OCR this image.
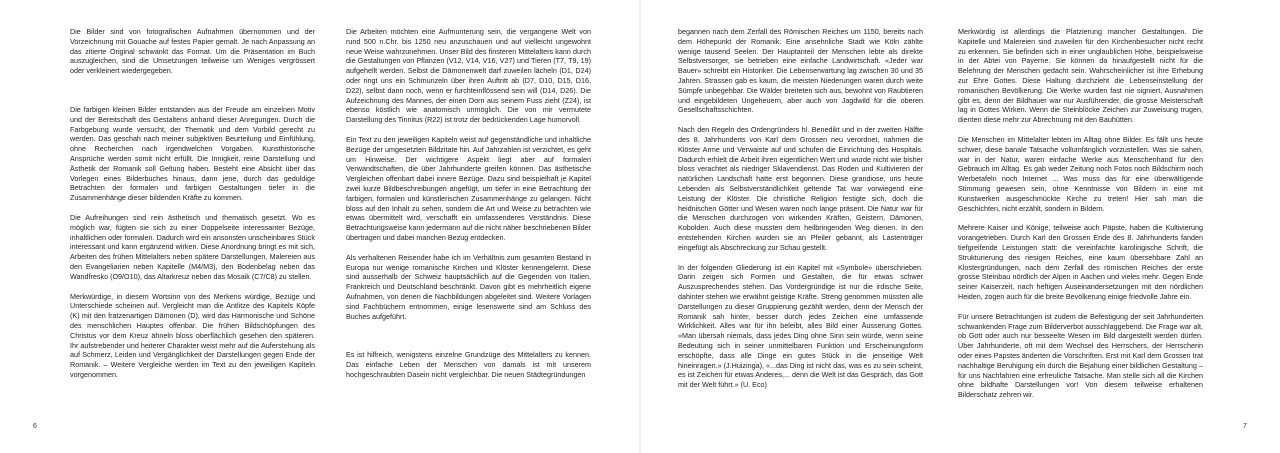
Die Bilder sind von fotografischen Aufnahmen übernommen und der Vorzeichnung mit Gouache auf festes Papier gemalt. Je nach Anpassung an das zitierte Original schwankt das Format. Um die Präsentation im Buch auszugleichen, sind die Umsetzungen teilweise um Weniges vergrössert oder verkleinert wiedergegeben.

Die farbigen kleinen Bilder entstanden aus der Freude am einzelnen Motiv und der Bereitschaft des Gestaltens anhand dieser Anregungen. Durch die Farbgebung wurde versucht, der Thematik und dem Vorbild gerecht zu werden. Das geschah nach meiner subjektiven Beurteilung und Einfühlung, ohne Recherchen nach irgendwelchen Vorgaben. Kunsthistorische Ansprüche werden somit nicht erfüllt. Die Innigkeit, reine Darstellung und Ästhetik der Romanik soll Geltung haben. Besteht eine Absicht über das Vorlegen eines Bilderbuches hinaus, dann jene, durch das geduldige Betrachten der formalen und farbigen Gestaltungen tiefer in die Zusammenhänge dieser bildenden Kräfte zu kommen.

Die Aufreihungen sind rein ästhetisch und thematisch gesetzt. Wo es möglich war, fügten sie sich zu einer Doppelseite interessanter Bezüge, inhaltlichen oder formalen. Dadurch wird ein ansonsten unscheinbares Stück interessant und kann ergänzend wirken. Diese Anordnung bringt es mit sich, Arbeiten des frühen Mittelalters neben spätere Darstellungen, Malereien aus den Evangeliarien neben Kapitelle (M4/M3), den Bodenbelag neben das Wandfresko (O9/O10), das Altarkreuz neben das Mosaik (C7/C8) zu stellen.

Merkwürdige, in diesem Wortsinn von des Merkens würdige, Bezüge und Unterschiede scheinen auf. Vergleicht man die Antlitze des Kapitels Köpfe (K) mit den fratzenartigen Dämonen (D), wird das Harmonische und Schöne des menschlichen Hauptes offenbar. Die frühen Bildschöpfungen des Christus vor dem Kreuz ähneln bloss oberflächlich gesehen den späteren. Ihr aufstrebender und heiterer Charakter weist mehr auf die Auferstehung als auf Schmerz, Leiden und Vergänglichkeit der Darstellungen gegen Ende der Romanik. – Weitere Vergleiche werden im Text zu den jeweiligen Kapiteln vorgenommen.

Die Arbeiten möchten eine Aufmunterung sein, die vergangene Welt von rund 500 n.Chr. bis 1250 neu anzuschauen und auf vielleicht ungewohnt neue Weise wahrzunehmen. Unser Bild des finsteren Mittelalters kann durch die Gestaltungen von Pflanzen (V12, V14, V16, V27) und Tieren (T7, T9, 19) aufgehellt werden. Selbst die Dämonenwelt darf zuweilen lächeln (D1, D24) oder ringt uns ein Schmunzeln über ihren Auftritt ab (D7, D10, D15, D16, D22), selbst dann noch, wenn er furchteinflössend sein will (D14, D26). Die Aufzeichnung des Mannes, der einen Dorn aus seinem Fuss zieht (Z24), ist ebenso köstlich wie anatomisch unmöglich. Die von mir vermutete Darstellung des Tinnitus (R22) ist trotz der bedrückenden Lage humorvoll.

Ein Text zu den jeweiligen Kapiteln weist auf gegenständliche und inhaltliche Bezüge der umgesetzten Bildzitate hin. Auf Jahrzahlen ist verzichtet, es geht um Hinweise. Der wichtigere Aspekt liegt aber auf formalen Verwandtschaften, die über Jahrhunderte greifen können. Das ästhetische Vergleichen offenbart dabei innere Bezüge. Dazu sind beispielhaft je Kapitel zwei kurze Bildbeschreibungen angefügt, um tiefer in eine Betrachtung der farbigen, formalen und künstlerischen Zusammenhänge zu gelangen. Nicht bloss auf den Inhalt zu sehen, sondern die Art und Weise zu betrachten wie etwas übermittelt wird, verschafft ein umfassenderes Verständnis. Diese Betrachtungsweise kann jedermann auf die nicht näher beschriebenen Bilder übertragen und dabei manchen Bezug entdecken.

Als verhaltenen Reisender habe ich im Verhältnis zum gesamten Bestand in Europa nur wenige romanische Kirchen und Klöster kennengelernt. Diese sind ausserhalb der Schweiz hauptsächlich auf die Gegenden von Italien, Frankreich und Deutschland beschränkt. Davon gibt es mehrheitlich eigene Aufnahmen, von denen die Nachbildungen abgeleitet sind. Weitere Vorlagen sind Fachbüchern entnommen, einige lesenswerte sind am Schluss des Buches aufgeführt.

Es ist hilfreich, wenigstens einzelne Grundzüge des Mittelalters zu kennen. Das einfache Leben der Menschen von damals ist mit unserem hochgeschraubten Dasein nicht vergleichbar. Die neuen Städtegründungen

begannen nach dem Zerfall des Römischen Reiches um 1150, bereits nach dem Höhepunkt der Romanik. Eine ansehnliche Stadt wie Köln zählte wenige tausend Seelen. Der Hauptanteil der Menschen lebte als direkte Selbstversorger, sie betrieben eine einfache Landwirtschaft. «Jeder war Bauer» schreibt ein Historiker. Die Lebenserwartung lag zwischen 30 und 35 Jahren. Strassen gab es kaum, die meisten Niederungen waren durch weite Sümpfe unbegehbar. Die Wälder breiteten sich aus, bewohnt von Raubtieren und eingebildeten Ungeheuern, aber auch von Jagdwild für die oberen Gesellschaftsschichten.

Nach den Regeln des Ordengründers hl. Benedikt und in der zweiten Hälfte des 8. Jahrhunderts von Karl dem Grossen neu verordnet, nahmen die Klöster Arme und Verwaiste auf und schufen die Einrichtung des Hospitals. Dadurch erhielt die Arbeit ihren eigentlichen Wert und wurde nicht wie bisher bloss verachtet als niedriger Sklavendienst. Das Roden und Kultivieren der natürlichen Landschaft hatte erst begonnen. Diese grandiose, uns heute Lebenden als Selbstverständlichkeit geltende Tat war vorwiegend eine Leistung der Klöster. Die christliche Religion festigte sich, doch die heidnischen Götter und Wesen waren noch lange präsent. Die Natur war für die Menschen durchzogen von wirkenden Kräften, Geistern, Dämonen, Kobolden. Auch diese mussten dem heilbringenden Weg dienen. In den entstehenden Kirchen wurden sie an Pfeiler gebannt, als Lastenträger eingefügt als Abschreckung zur Schau gestellt.

In der folgenden Gliederung ist ein Kapitel mit «Symbole» überschrieben. Darin zeigen sich Formen und Gestalten, die für etwas schwer Auszusprechendes stehen. Das Vordergründige ist nur die irdische Seite, dahinter stehen wie erwähnt geistige Kräfte. Streng genommen müssten alle Darstellungen zu dieser Gruppierung gezählt werden, denn der Mensch der Romanik sah hinter, besser durch jedes Zeichen eine umfassende Wirklichkeit. Alles war für ihn beleibt, alles Bild einer Äusserung Gottes. «Man übersah niemals, dass jedes Ding ohne Sinn sein würde, wenn seine Bedeutung sich in seiner unmittelbaren Funktion und Erscheinungsform erschöpfte, dass alle Dinge ein gutes Stück in die jenseitige Welt hineinragen.» (J.Huizinga), «...das Ding ist nicht das, was es zu sein scheint, es ist Zeichen für etwas Anderes,... denn die Welt ist das Gespräch, das Gott mit der Welt führt.» (U. Eco)

Merkwürdig ist allerdings die Platzierung mancher Gestaltungen. Die Kapitelle und Malereien sind zuweilen für den Kirchenbesucher nicht recht zu erkennen. Sie befinden sich in einer unglaublichen Höhe, beispielsweise in der Abtei von Payerne. Sie können da hinaufgestellt nicht für die Belehrung der Menschen gedacht sein. Wahrscheinlicher ist ihre Erhebung zur Ehre Gottes. Diese Haltung durchzieht die Lebenseinstellung der romanischen Bevölkerung. Die Werke wurden fast nie signiert, Ausnahmen gibt es, denn der Bildhauer war nur Ausführender, die grosse Meisterschaft lag in Gottes Wirken. Wenn die Steinblöcke Zeichen zur Zuweisung trugen, dienten diese mehr zur Abrechnung mit den Bauhütten.

Die Menschen im Mittelalter lebten im Alltag ohne Bilder. Es fällt uns heute schwer, diese banale Tatsache vollumfänglich vorzustellen. Was sie sahen, war in der Natur, waren einfache Werke aus Menschenhand für den Gebrauch im Alltag. Es gab weder Zeitung noch Fotos noch Bildschirm noch Werbetafeln noch Internet ... Was muss das für eine überwältigende Stimmung gewesen sein, ohne Kenntnisse von Bildern in eine mit Kunstwerken ausgeschmückte Kirche zu treten! Hier sah man die Geschichten, nicht erzählt, sondern in Bildern.

Mehrere Kaiser und Könige, teilweise auch Päpste, haben die Kultivierung vorangetrieben. Durch Karl den Grossen Ende des 8. Jahrhunderts fanden tiefgreifende Leistungen statt: die vereinfachte karolingische Schrift, die Strukturierung des riesigen Reiches, eine kaum übersehbare Zahl an Klostergründungen, nach dem Zerfall des römischen Reiches der erste grosse Steinbau nördlich der Alpen in Aachen und vieles mehr. Gegen Ende seiner Kaiserzeit, nach heftigen Auseinandersetzungen mit den nördlichen Heiden, zogen auch für die breite Bevölkerung einige friedvolle Jahre ein.

Für unsere Betrachtungen ist zudem die Befestigung der seit Jahrhunderten schwankenden Frage zum Bilderverbot ausschlaggebend. Die Frage war alt, ob Gott oder auch nur besseelte Wesen im Bild dargestellt werden dürfen. Über Jahrhunderte, oft mit dem Wechsel des Herrschers, der Herrscherin oder eines Papstes änderten die Vorschriften. Erst mit Karl dem Grossen trat nachhaltige Beruhigung ein durch die Bejahung einer bildlichen Gestaltung – für uns Nachfahren eine erfreuliche Tatsache. Man stelle sich all die Kirchen ohne bildhafte Darstellungen vor! Von diesem teilweise erhaltenen Bilderschatz zehren wir.

6	7
